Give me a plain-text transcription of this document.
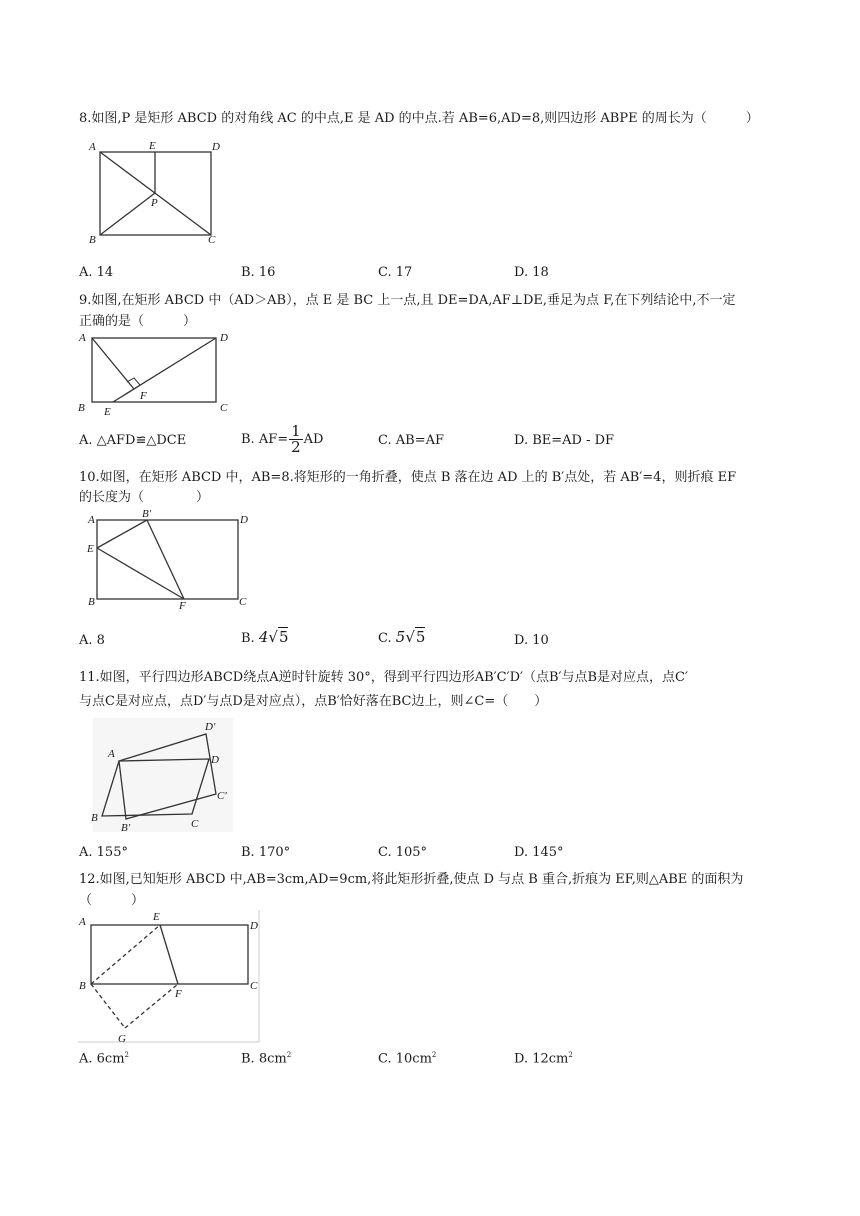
8.如图,P 是矩形 ABCD 的对角线 AC 的中点,E 是 AD 的中点.若 AB=6,AD=8,则四边形 ABPE 的周长为（　　　）
A	E	D
P
B	C
A. 14	B. 16	C. 17	D. 18
9.如图,在矩形 ABCD 中（AD＞AB），点 E 是 BC 上一点,且 DE=DA,AF⊥DE,垂足为点 F,在下列结论中,不一定
正确的是（　　　）
A	D
B E
F
C
A. △AFD≌△DCE	B. $AF= \frac{1}{2}$ AD	C. AB=AF	D. BE=AD - DF
10.如图，在矩形 ABCD 中，AB=8.将矩形的一角折叠，使点 B 落在边 AD 上的 B′点处，若 AB′=4，则折痕 EF
的长度为（　　　　）
A	B′	D
E
B	F	C
A. 8	B. 4√5	C. 5√5	D. 10
11.如图，平行四边形ABCD绕点A逆时针旋转 30°，得到平行四边形AB′C′D′（点B′与点B是对应点，点C′
与点C是对应点，点D′与点D是对应点），点B′恰好落在BC边上，则∠C=（　　）
D′
A	D
C′
B
B′	C
A. 155°	B. 170°	C. 105°	D. 145°
12.如图,已知矩形 ABCD 中,AB=3cm,AD=9cm,将此矩形折叠,使点 D 与点 B 重合,折痕为 EF,则△ABE 的面积为
（　　　）
A	E
D
B
F
C
G
A. $6cm^2$	B. $8cm^2$	C. $10cm^2$	D. $12cm^2$
